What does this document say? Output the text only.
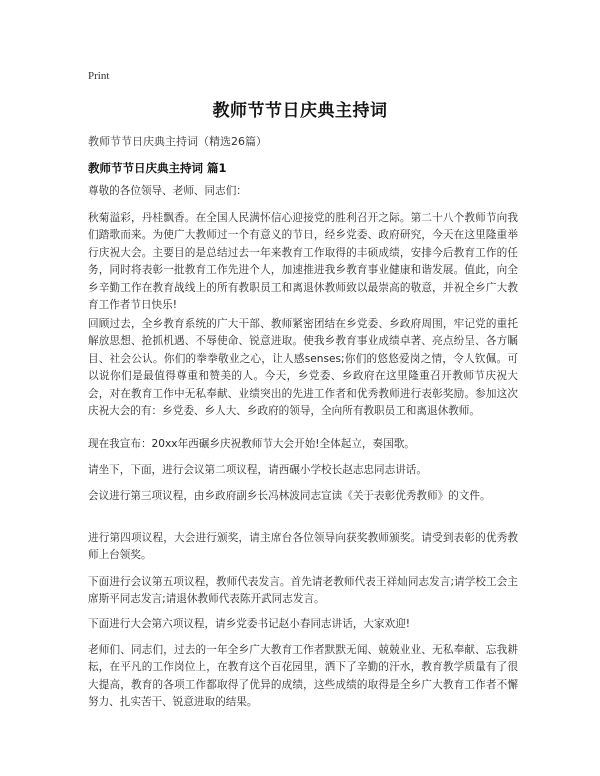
Print
教师节节日庆典主持词
教师节节日庆典主持词（精选26篇）
教师节节日庆典主持词 篇1
尊敬的各位领导、老师、同志们：
秋菊溢彩，丹桂飘香。在全国人民满怀信心迎接党的胜利召开之际。第二十八个教师节向我们踏歌而来。为使广大教师过一个有意义的节日，经乡党委、政府研究，今天在这里隆重举行庆祝大会。主要目的是总结过去一年来教育工作取得的丰硕成绩，安排今后教育工作的任务，同时将表彰一批教育工作先进个人，加速推进我乡教育事业健康和谐发展。值此，向全乡辛勤工作在教育战线上的所有教职员工和离退休教师致以最崇高的敬意，并祝全乡广大教育工作者节日快乐!
回顾过去，全乡教育系统的广大干部、教师紧密团结在乡党委、乡政府周围，牢记党的重托解放思想、抢抓机遇、不辱使命、锐意进取。使我乡教育事业成绩卓著、亮点纷呈、各方瞩目、社会公认。你们的拳拳敬业之心，让人感senses;你们的悠悠爱岗之情，令人钦佩。可以说你们是最值得尊重和赞美的人。今天，乡党委、乡政府在这里隆重召开教师节庆祝大会，对在教育工作中无私奉献、业绩突出的先进工作者和优秀教师进行表彰奖励。参加这次庆祝大会的有：乡党委、乡人大、乡政府的领导，全向所有教职员工和离退休教师。
现在我宣布：20xx年西碾乡庆祝教师节大会开始!全体起立，奏国歌。
请坐下，下面，进行会议第二项议程，请西碾小学校长赵志忠同志讲话。
会议进行第三项议程，由乡政府副乡长冯林波同志宣读《关于表彰优秀教师》的文件。
进行第四项议程，大会进行颁奖，请主席台各位领导向获奖教师颁奖。请受到表彰的优秀教师上台领奖。
下面进行会议第五项议程，教师代表发言。首先请老教师代表王祥灿同志发言;请学校工会主席斯平同志发言;请退休教师代表陈开武同志发言。
下面进行大会第六项议程，请乡党委书记赵小春同志讲话，大家欢迎!
老师们、同志们，过去的一年全乡广大教育工作者默默无闻、兢兢业业、无私奉献、忘我耕耘，在平凡的工作岗位上，在教育这个百花园里，洒下了辛勤的汗水，教育教学质量有了很大提高，教育的各项工作都取得了优异的成绩，这些成绩的取得是全乡广大教育工作者不懈努力、扎实苦干、锐意进取的结果。
